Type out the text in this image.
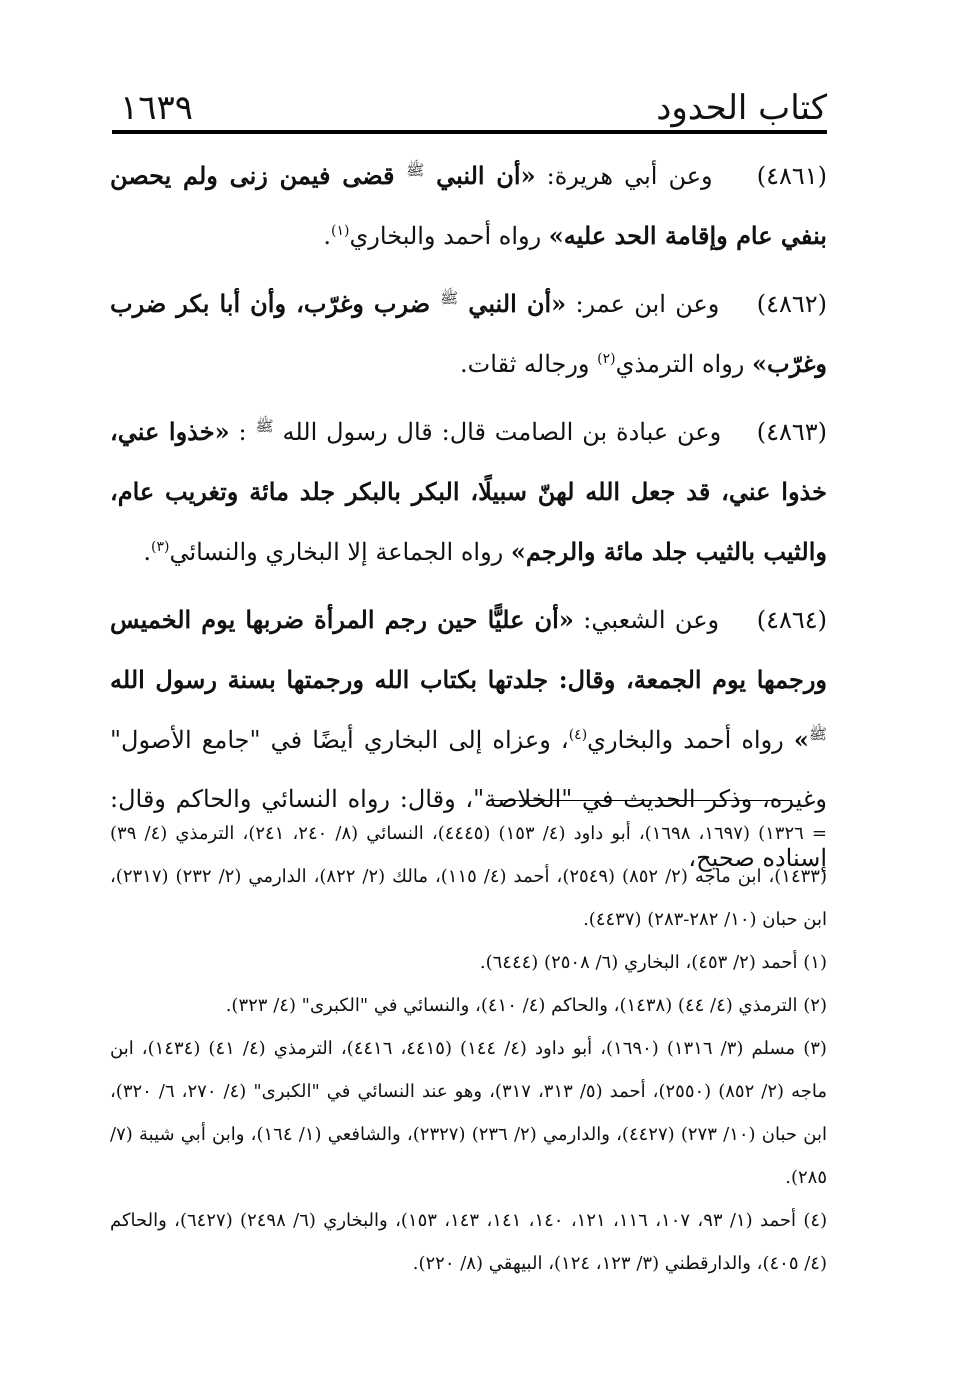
كتاب الحدود
١٦٣٩

(٤٨٦١)    وعن أبي هريرة: «أن النبي $^ﷺ$ قضى فيمن زنى ولم يحصن بنفي عام وإقامة الحد عليه» رواه أحمد والبخاري$^{(١)}$.

(٤٨٦٢)    وعن ابن عمر: «أن النبي $^ﷺ$ ضرب وغرّب، وأن أبا بكر ضرب وغرّب» رواه الترمذي$^{(٢)}$ ورجاله ثقات.

(٤٨٦٣)    وعن عبادة بن الصامت قال: قال رسول الله $^ﷺ$ : «خذوا عني، خذوا عني، قد جعل الله لهنّ سبيلًا، البكر بالبكر جلد مائة وتغريب عام، والثيب بالثيب جلد مائة والرجم» رواه الجماعة إلا البخاري والنسائي$^{(٣)}$.

(٤٨٦٤)    وعن الشعبي: «أن عليًّا حين رجم المرأة ضربها يوم الخميس ورجمها يوم الجمعة، وقال: جلدتها بكتاب الله ورجمتها بسنة رسول الله $^ﷺ$» رواه أحمد والبخاري$^{(٤)}$، وعزاه إلى البخاري أيضًا في "جامع الأصول" وغيره، وذكر الحديث في "الخلاصة"، وقال: رواه النسائي والحاكم وقال: إسناده صحيح،

= ١٣٢٦) (١٦٩٧، ١٦٩٨)، أبو داود (٤/ ١٥٣) (٤٤٤٥)، النسائي (٨/ ٢٤٠، ٢٤١)، الترمذي (٤/ ٣٩) (١٤٣٣)، ابن ماجه (٢/ ٨٥٢) (٢٥٤٩)، أحمد (٤/ ١١٥)، مالك (٢/ ٨٢٢)، الدارمي (٢/ ٢٣٢) (٢٣١٧)، ابن حبان (١٠/ ٢٨٢-٢٨٣) (٤٤٣٧).

(١) أحمد (٢/ ٤٥٣)، البخاري (٦/ ٢٥٠٨) (٦٤٤٤).

(٢) الترمذي (٤/ ٤٤) (١٤٣٨)، والحاكم (٤/ ٤١٠)، والنسائي في "الكبرى" (٤/ ٣٢٣).

(٣) مسلم (٣/ ١٣١٦) (١٦٩٠)، أبو داود (٤/ ١٤٤) (٤٤١٥، ٤٤١٦)، الترمذي (٤/ ٤١) (١٤٣٤)، ابن ماجه (٢/ ٨٥٢) (٢٥٥٠)، أحمد (٥/ ٣١٣، ٣١٧)، وهو عند النسائي في "الكبرى" (٤/ ٢٧٠، ٦/ ٣٢٠)، ابن حبان (١٠/ ٢٧٣) (٤٤٢٧)، والدارمي (٢/ ٢٣٦) (٢٣٢٧)، والشافعي (١/ ١٦٤)، وابن أبي شيبة (٧/ ٢٨٥).

(٤) أحمد (١/ ٩٣، ١٠٧، ١١٦، ١٢١، ١٤٠، ١٤١، ١٤٣، ١٥٣)، والبخاري (٦/ ٢٤٩٨) (٦٤٢٧)، والحاكم (٤/ ٤٠٥)، والدارقطني (٣/ ١٢٣، ١٢٤)، البيهقي (٨/ ٢٢٠).
